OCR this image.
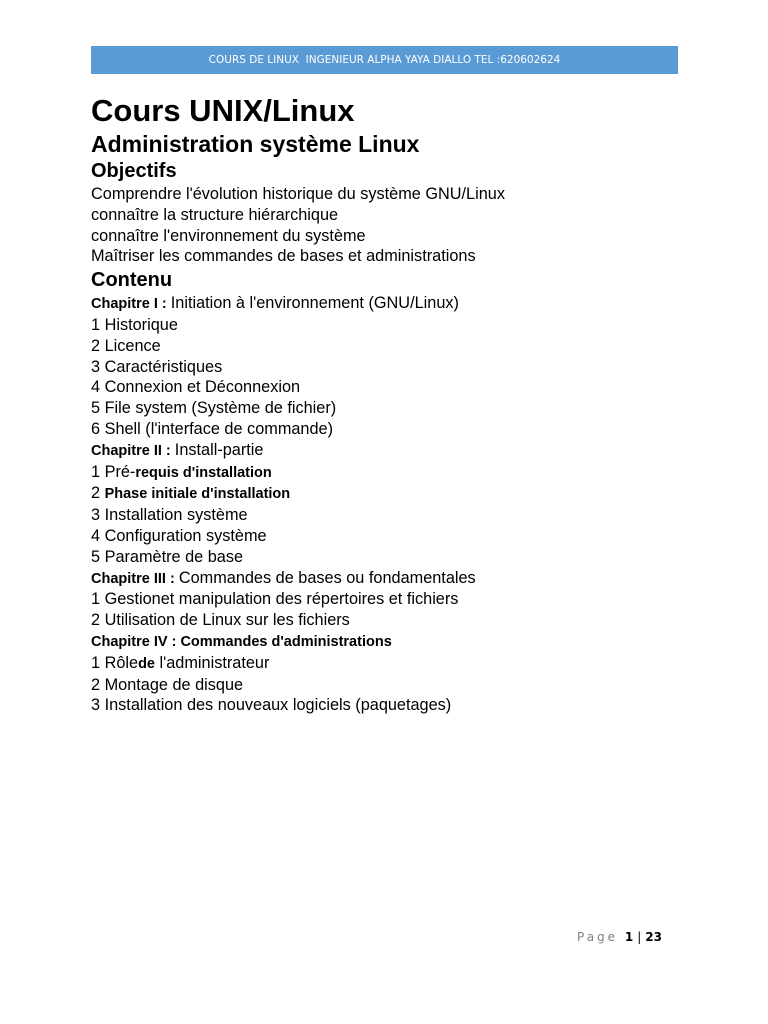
COURS DE LINUX  INGENIEUR ALPHA YAYA DIALLO TEL :620602624
Cours UNIX/Linux
Administration système Linux
Objectifs

Comprendre l'évolution historique du système GNU/Linux

connaître la structure hiérarchique

connaître l'environnement du système

Maîtriser les commandes de bases et administrations

Contenu

Chapitre I : Initiation à l'environnement (GNU/Linux)

1 Historique

2 Licence

3 Caractéristiques

4 Connexion et Déconnexion

5 File system (Système de fichier)

6 Shell (l'interface de commande)

Chapitre II : Install-partie

1 Pré-requis d'installation

2 Phase initiale d'installation

3 Installation système

4 Configuration système

5 Paramètre de base

Chapitre III : Commandes de bases ou fondamentales

1 Gestionet manipulation des répertoires et fichiers

2 Utilisation de Linux sur les fichiers

Chapitre IV : Commandes d'administrations

1 Rôlede l'administrateur

2 Montage de disque

3 Installation des nouveaux logiciels (paquetages)

Page 1 | 23
